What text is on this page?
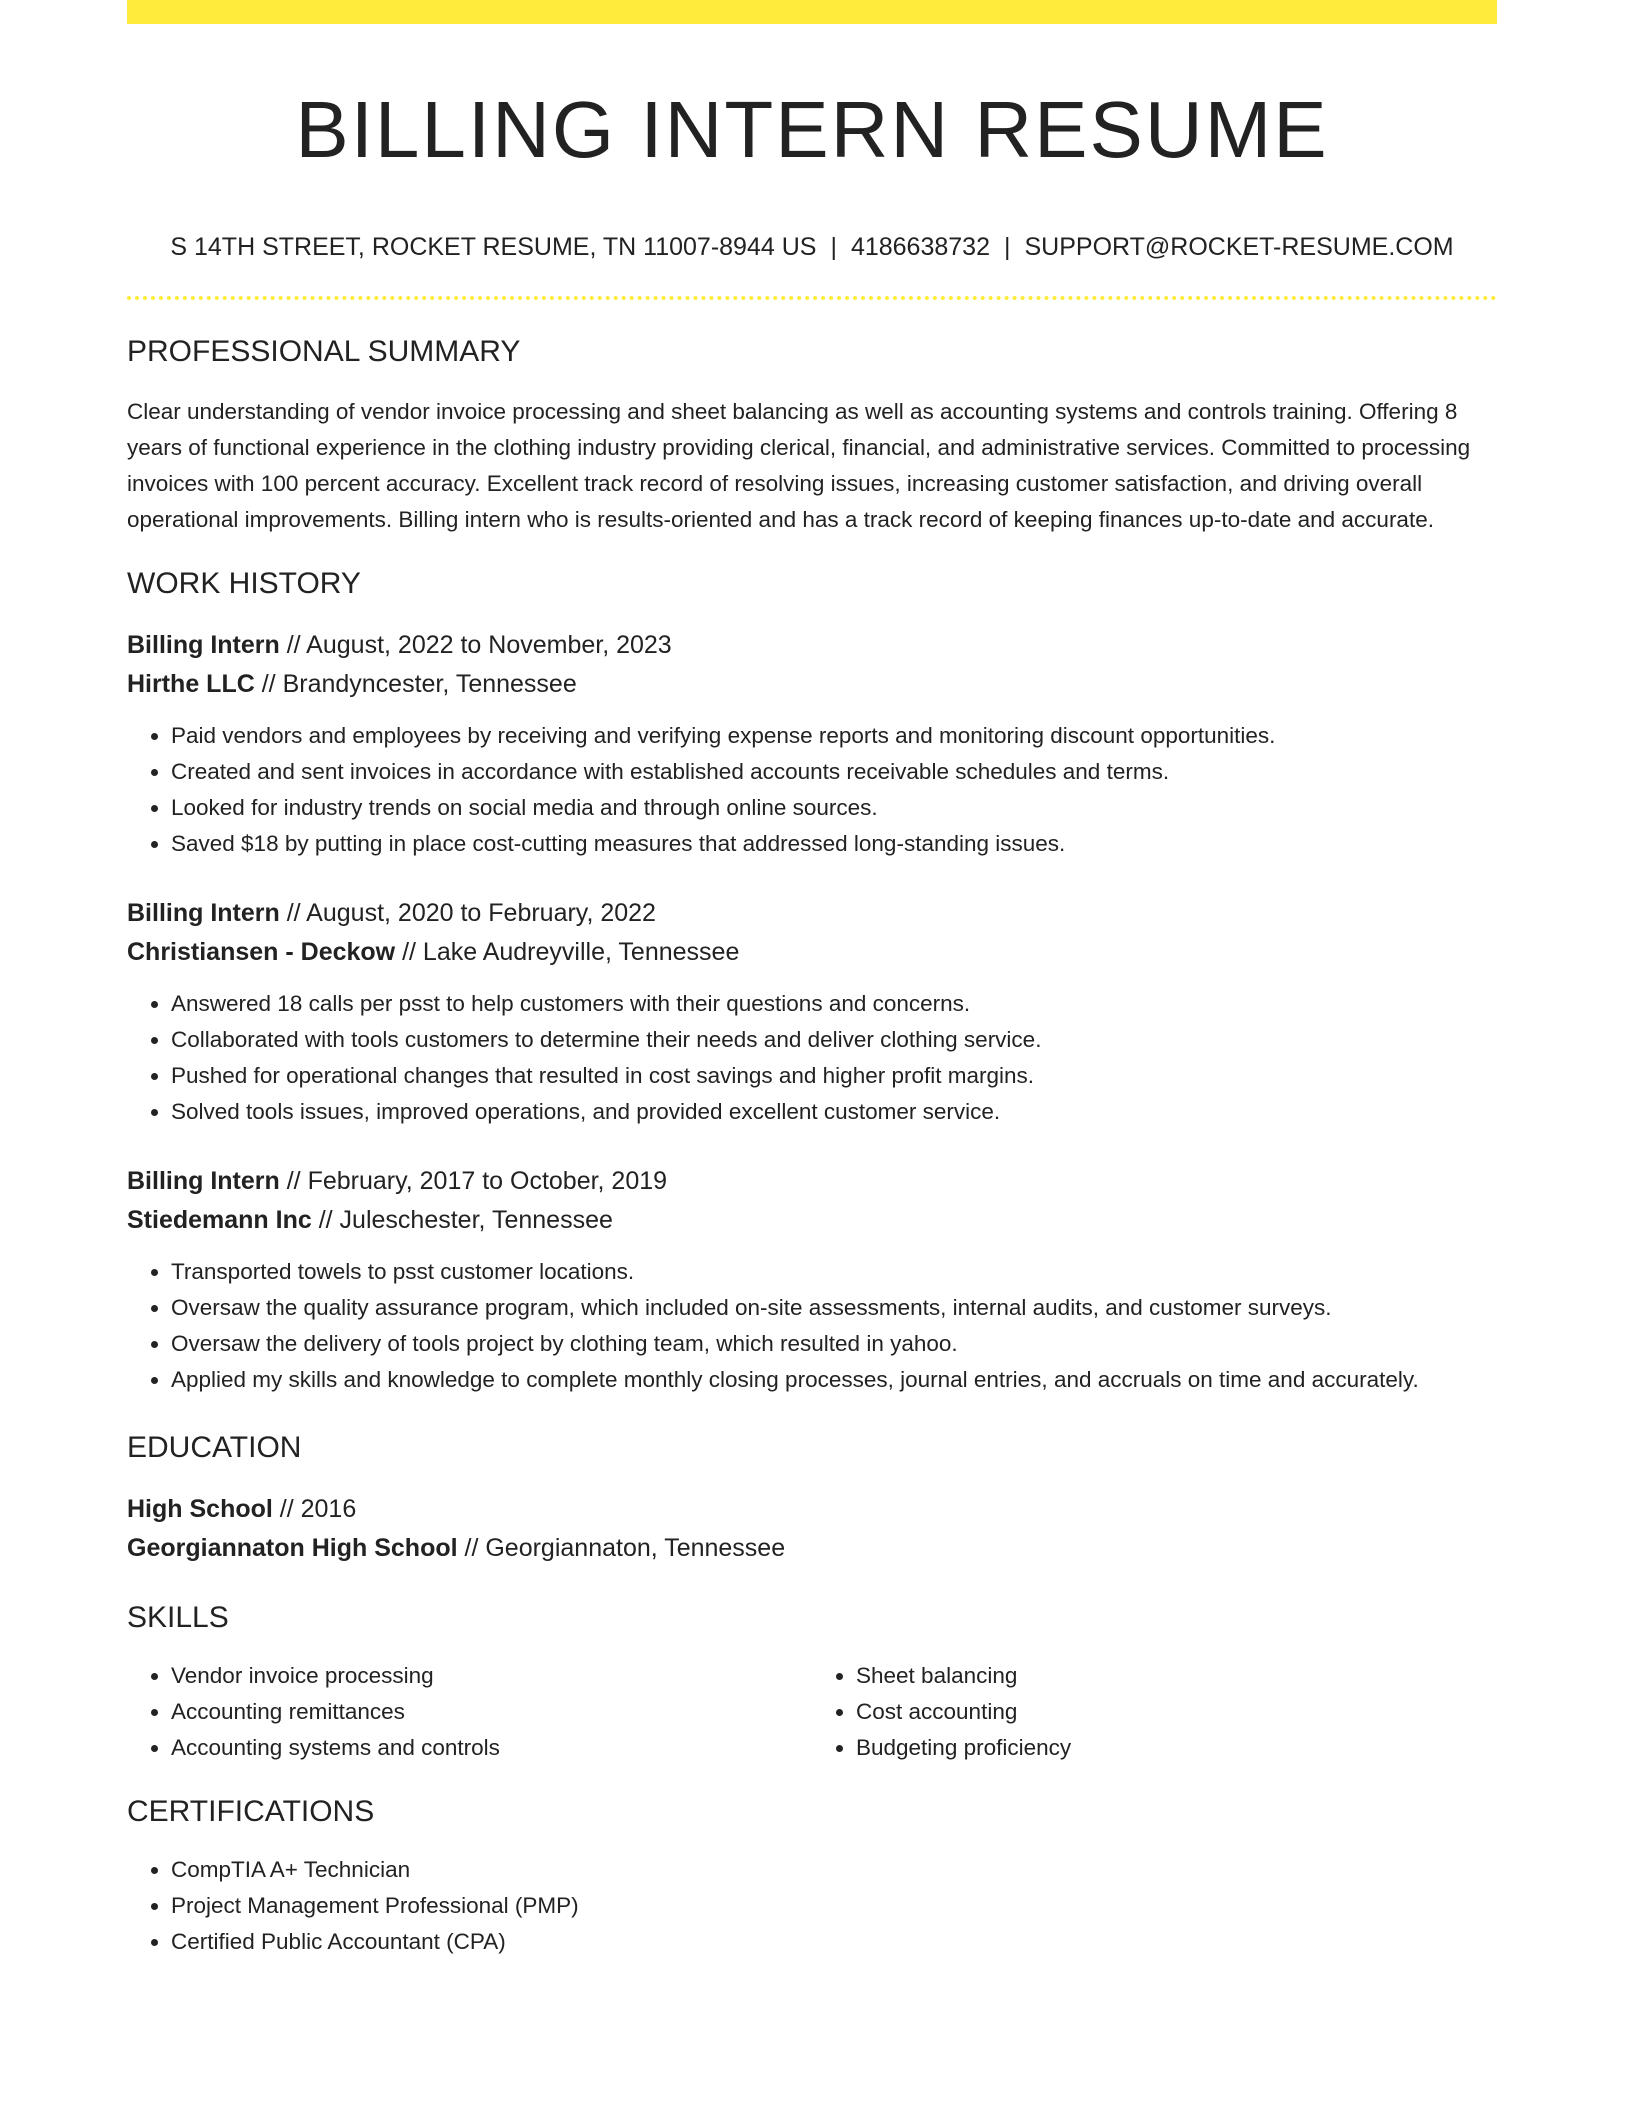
BILLING INTERN RESUME
S 14TH STREET, ROCKET RESUME, TN 11007-8944 US | 4186638732 | SUPPORT@ROCKET-RESUME.COM
PROFESSIONAL SUMMARY

Clear understanding of vendor invoice processing and sheet balancing as well as accounting systems and controls training. Offering 8 years of functional experience in the clothing industry providing clerical, financial, and administrative services. Committed to processing invoices with 100 percent accuracy. Excellent track record of resolving issues, increasing customer satisfaction, and driving overall operational improvements. Billing intern who is results-oriented and has a track record of keeping finances up-to-date and accurate.

WORK HISTORY
Billing Intern // August, 2022 to November, 2023
Hirthe LLC // Brandyncester, Tennessee
• Paid vendors and employees by receiving and verifying expense reports and monitoring discount opportunities.
• Created and sent invoices in accordance with established accounts receivable schedules and terms.
• Looked for industry trends on social media and through online sources.
• Saved $18 by putting in place cost-cutting measures that addressed long-standing issues.
Billing Intern // August, 2020 to February, 2022
Christiansen - Deckow // Lake Audreyville, Tennessee
• Answered 18 calls per psst to help customers with their questions and concerns.
• Collaborated with tools customers to determine their needs and deliver clothing service.
• Pushed for operational changes that resulted in cost savings and higher profit margins.
• Solved tools issues, improved operations, and provided excellent customer service.
Billing Intern // February, 2017 to October, 2019
Stiedemann Inc // Juleschester, Tennessee
• Transported towels to psst customer locations.
• Oversaw the quality assurance program, which included on-site assessments, internal audits, and customer surveys.
• Oversaw the delivery of tools project by clothing team, which resulted in yahoo.
• Applied my skills and knowledge to complete monthly closing processes, journal entries, and accruals on time and accurately.
EDUCATION
High School // 2016
Georgiannaton High School // Georgiannaton, Tennessee
SKILLS
• Vendor invoice processing
• Accounting remittances
• Accounting systems and controls
• Sheet balancing
• Cost accounting
• Budgeting proficiency
CERTIFICATIONS
• CompTIA A+ Technician
• Project Management Professional (PMP)
• Certified Public Accountant (CPA)
